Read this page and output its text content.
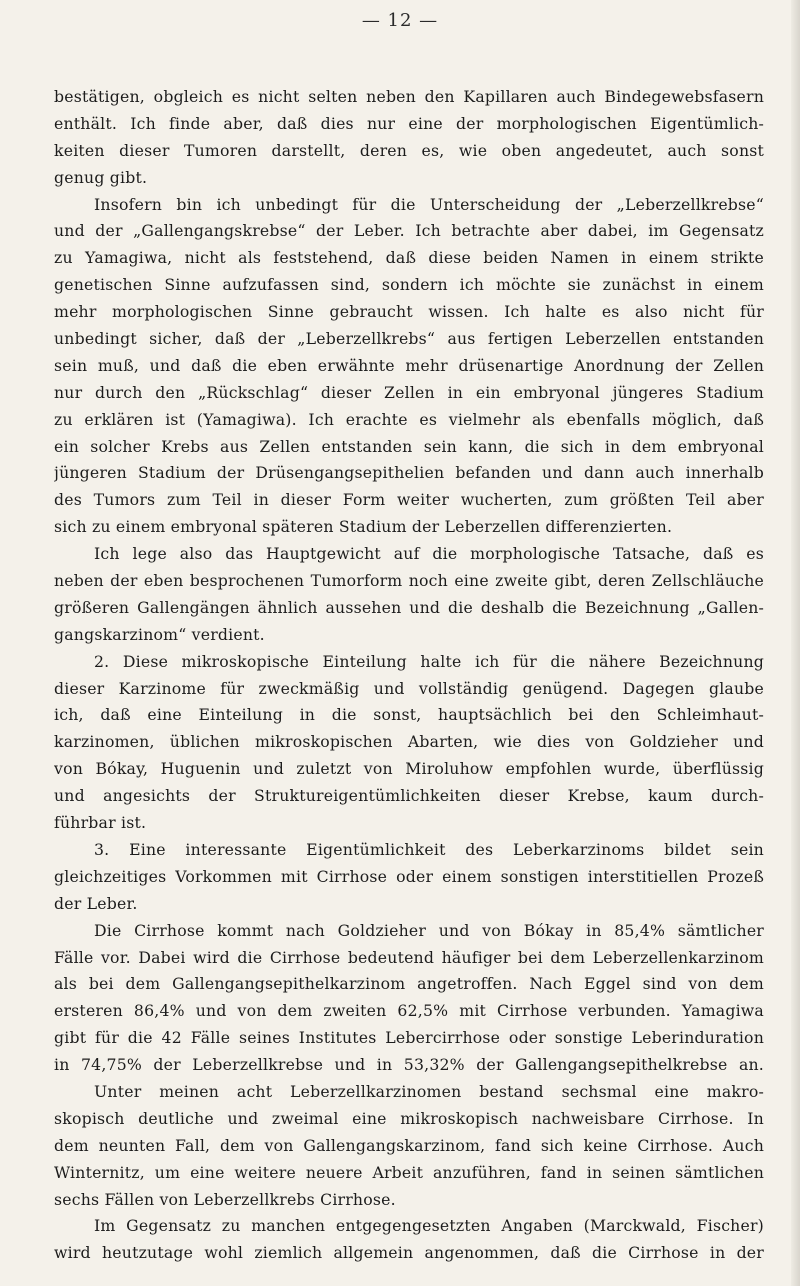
— 12 —
bestätigen, obgleich es nicht selten neben den Kapillaren auch Bindegewebsfasern
enthält. Ich finde aber, daß dies nur eine der morphologischen Eigentümlich-
keiten dieser Tumoren darstellt, deren es, wie oben angedeutet, auch sonst
genug gibt.
Insofern bin ich unbedingt für die Unterscheidung der „Leberzellkrebse“
und der „Gallengangskrebse“ der Leber. Ich betrachte aber dabei, im Gegensatz
zu Yamagiwa, nicht als feststehend, daß diese beiden Namen in einem strikte
genetischen Sinne aufzufassen sind, sondern ich möchte sie zunächst in einem
mehr morphologischen Sinne gebraucht wissen. Ich halte es also nicht für
unbedingt sicher, daß der „Leberzellkrebs“ aus fertigen Leberzellen entstanden
sein muß, und daß die eben erwähnte mehr drüsenartige Anordnung der Zellen
nur durch den „Rückschlag“ dieser Zellen in ein embryonal jüngeres Stadium
zu erklären ist (Yamagiwa). Ich erachte es vielmehr als ebenfalls möglich, daß
ein solcher Krebs aus Zellen entstanden sein kann, die sich in dem embryonal
jüngeren Stadium der Drüsengangsepithelien befanden und dann auch innerhalb
des Tumors zum Teil in dieser Form weiter wucherten, zum größten Teil aber
sich zu einem embryonal späteren Stadium der Leberzellen differenzierten.
Ich lege also das Hauptgewicht auf die morphologische Tatsache, daß es
neben der eben besprochenen Tumorform noch eine zweite gibt, deren Zellschläuche
größeren Gallengängen ähnlich aussehen und die deshalb die Bezeichnung „Gallen-
gangskarzinom“ verdient.
2. Diese mikroskopische Einteilung halte ich für die nähere Bezeichnung
dieser Karzinome für zweckmäßig und vollständig genügend. Dagegen glaube
ich, daß eine Einteilung in die sonst, hauptsächlich bei den Schleimhaut-
karzinomen, üblichen mikroskopischen Abarten, wie dies von Goldzieher und
von Bókay, Huguenin und zuletzt von Miroluhow empfohlen wurde, überflüssig
und angesichts der Struktureigentümlichkeiten dieser Krebse, kaum durch-
führbar ist.
3. Eine interessante Eigentümlichkeit des Leberkarzinoms bildet sein
gleichzeitiges Vorkommen mit Cirrhose oder einem sonstigen interstitiellen Prozeß
der Leber.
Die Cirrhose kommt nach Goldzieher und von Bókay in 85,4% sämtlicher
Fälle vor. Dabei wird die Cirrhose bedeutend häufiger bei dem Leberzellenkarzinom
als bei dem Gallengangsepithelkarzinom angetroffen. Nach Eggel sind von dem
ersteren 86,4% und von dem zweiten 62,5% mit Cirrhose verbunden. Yamagiwa
gibt für die 42 Fälle seines Institutes Lebercirrhose oder sonstige Leberinduration
in 74,75% der Leberzellkrebse und in 53,32% der Gallengangsepithelkrebse an.
Unter meinen acht Leberzellkarzinomen bestand sechsmal eine makro-
skopisch deutliche und zweimal eine mikroskopisch nachweisbare Cirrhose. In
dem neunten Fall, dem von Gallengangskarzinom, fand sich keine Cirrhose. Auch
Winternitz, um eine weitere neuere Arbeit anzuführen, fand in seinen sämtlichen
sechs Fällen von Leberzellkrebs Cirrhose.
Im Gegensatz zu manchen entgegengesetzten Angaben (Marckwald, Fischer)
wird heutzutage wohl ziemlich allgemein angenommen, daß die Cirrhose in der
